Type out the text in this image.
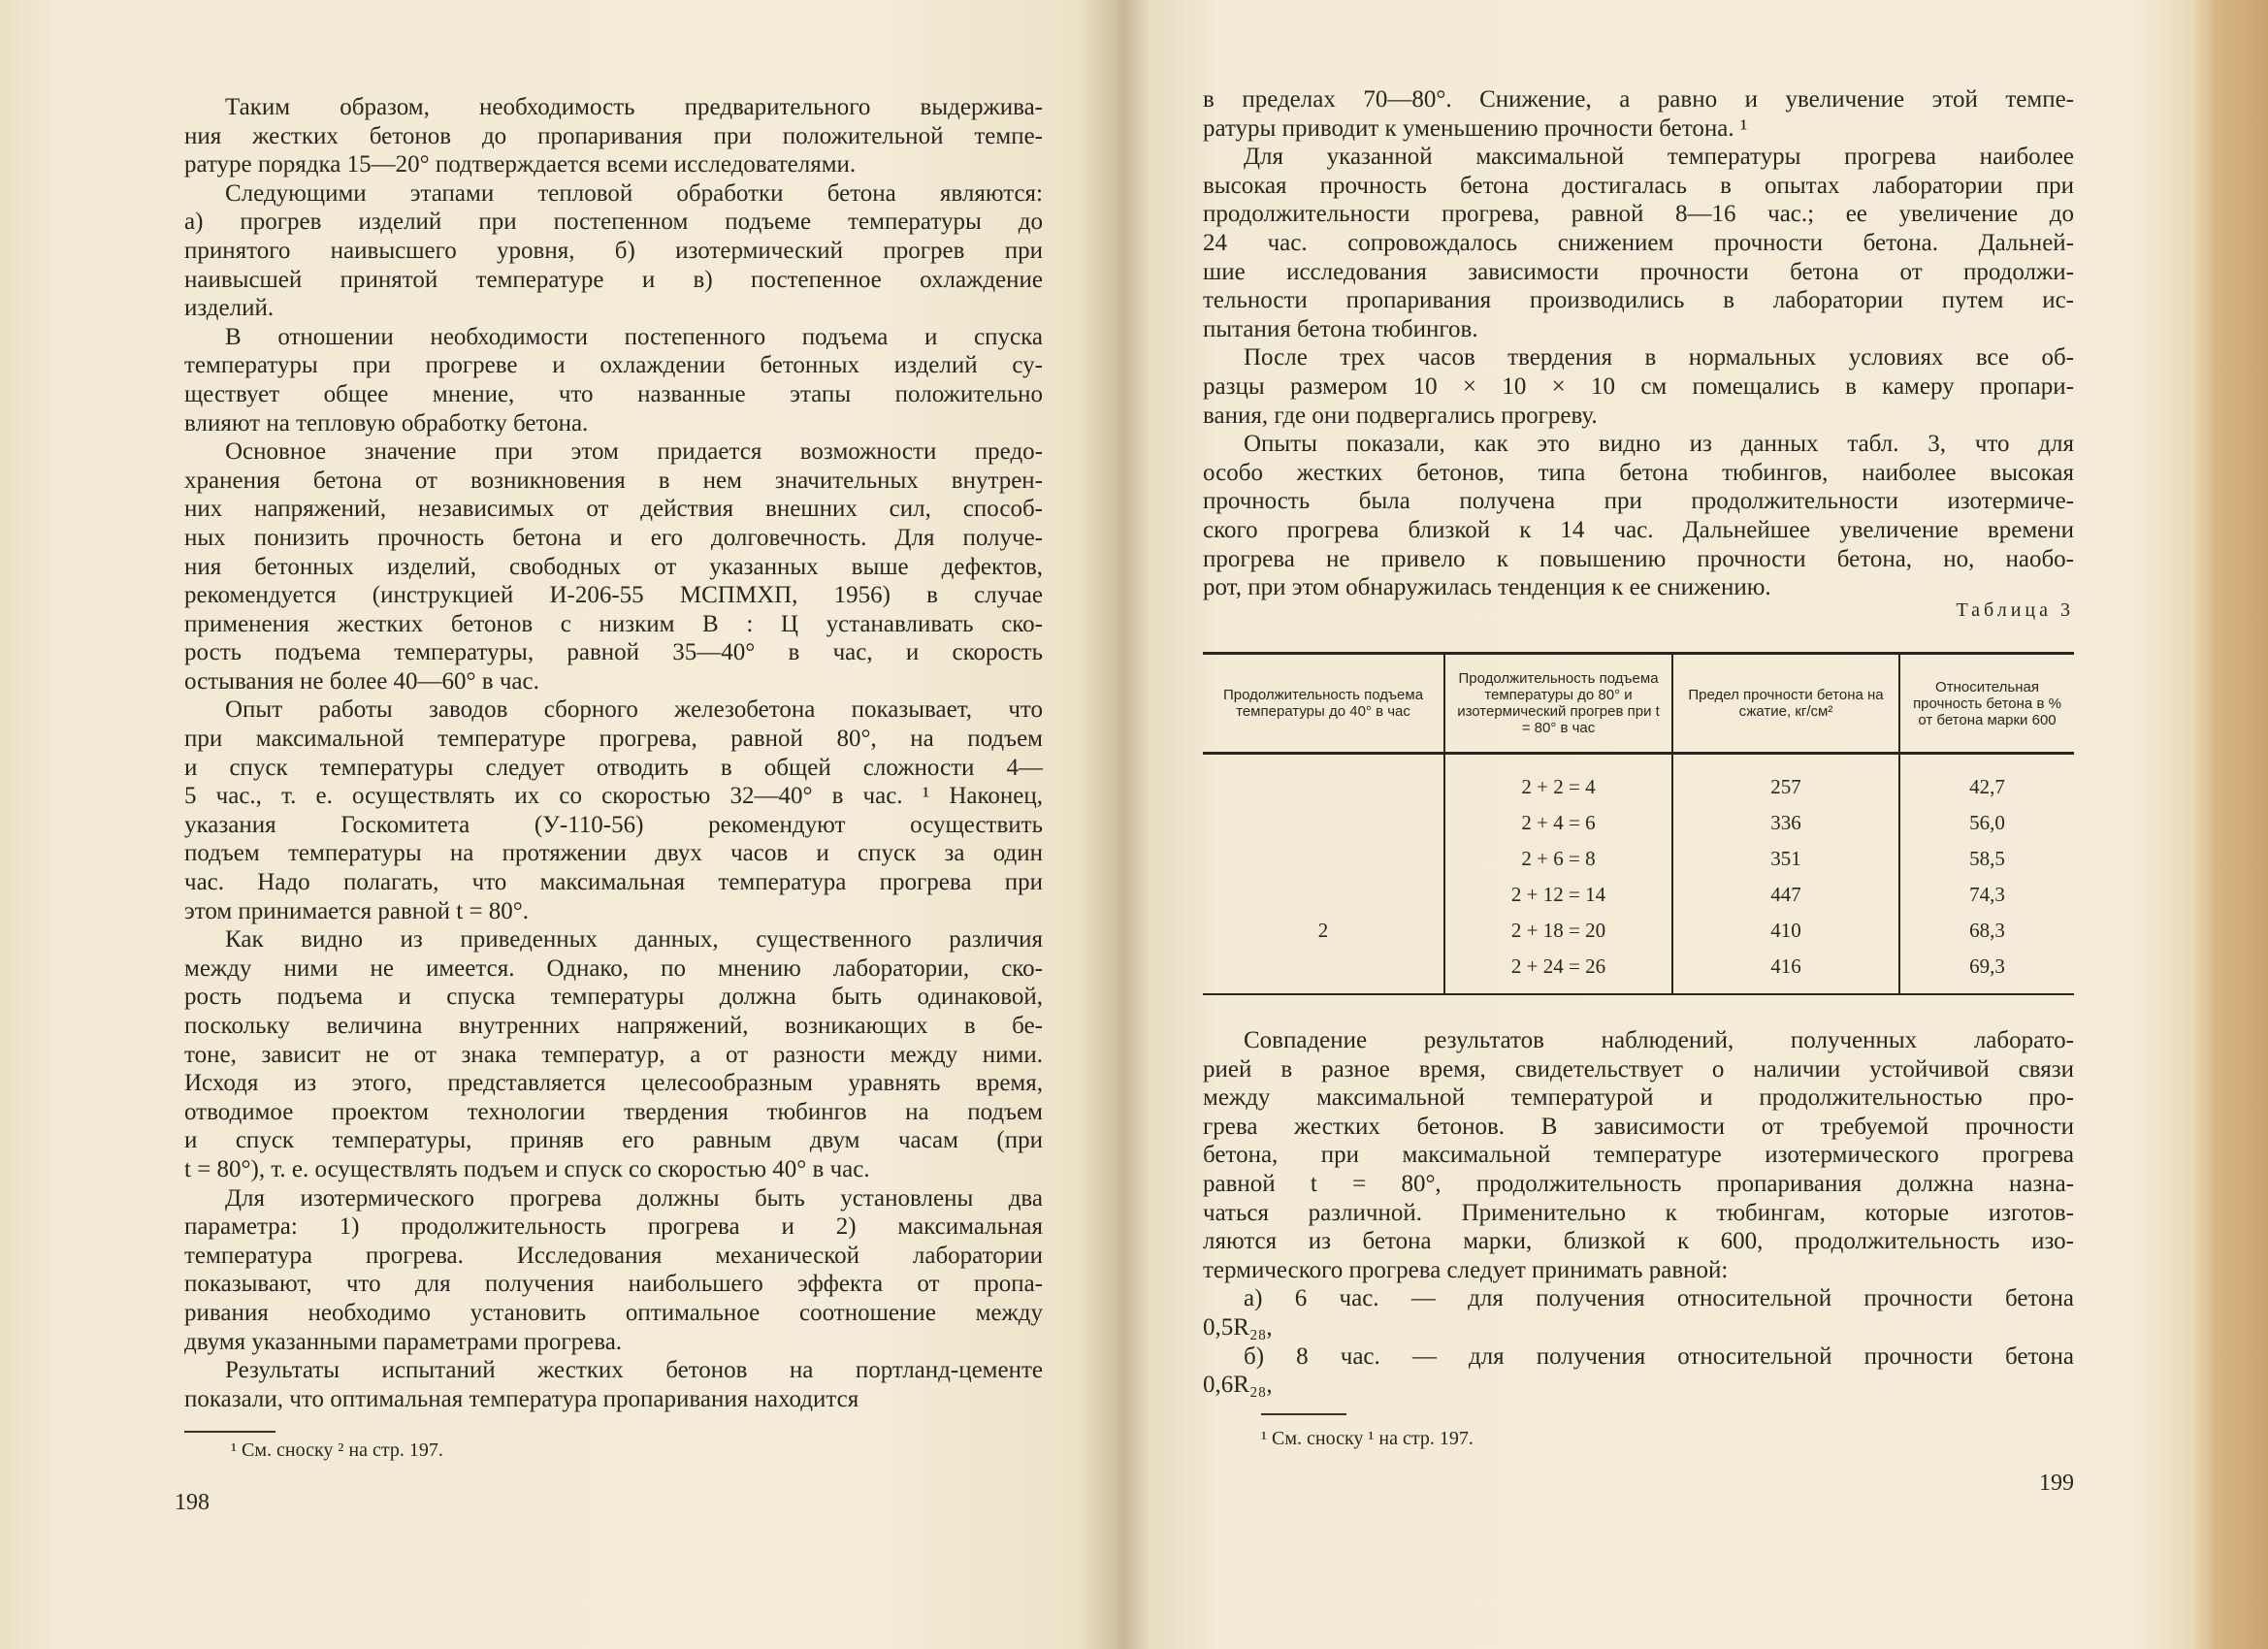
Таким образом, необходимость предварительного выдержива-
ния жестких бетонов до пропаривания при положительной темпе-
ратуре порядка 15—20° подтверждается всеми исследователями.
Следующими этапами тепловой обработки бетона являются:
а) прогрев изделий при постепенном подъеме температуры до
принятого наивысшего уровня, б) изотермический прогрев при
наивысшей принятой температуре и в) постепенное охлаждение
изделий.
В отношении необходимости постепенного подъема и спуска
температуры при прогреве и охлаждении бетонных изделий су-
ществует общее мнение, что названные этапы положительно
влияют на тепловую обработку бетона.
Основное значение при этом придается возможности предо-
хранения бетона от возникновения в нем значительных внутрен-
них напряжений, независимых от действия внешних сил, способ-
ных понизить прочность бетона и его долговечность. Для получе-
ния бетонных изделий, свободных от указанных выше дефектов,
рекомендуется (инструкцией И-206-55 МСПМХП, 1956) в случае
применения жестких бетонов с низким В : Ц устанавливать ско-
рость подъема температуры, равной 35—40° в час, и скорость
остывания не более 40—60° в час.
Опыт работы заводов сборного железобетона показывает, что
при максимальной температуре прогрева, равной 80°, на подъем
и спуск температуры следует отводить в общей сложности 4—
5 час., т. е. осуществлять их со скоростью 32—40° в час. ¹ Наконец,
указания Госкомитета (У-110-56) рекомендуют осуществить
подъем температуры на протяжении двух часов и спуск за один
час. Надо полагать, что максимальная температура прогрева при
этом принимается равной t = 80°.
Как видно из приведенных данных, существенного различия
между ними не имеется. Однако, по мнению лаборатории, ско-
рость подъема и спуска температуры должна быть одинаковой,
поскольку величина внутренних напряжений, возникающих в бе-
тоне, зависит не от знака температур, а от разности между ними.
Исходя из этого, представляется целесообразным уравнять время,
отводимое проектом технологии твердения тюбингов на подъем
и спуск температуры, приняв его равным двум часам (при
t = 80°), т. е. осуществлять подъем и спуск со скоростью 40° в час.
Для изотермического прогрева должны быть установлены два
параметра: 1) продолжительность прогрева и 2) максимальная
температура прогрева. Исследования механической лаборатории
показывают, что для получения наибольшего эффекта от пропа-
ривания необходимо установить оптимальное соотношение между
двумя указанными параметрами прогрева.
Результаты испытаний жестких бетонов на портланд-цементе
показали, что оптимальная температура пропаривания находится
¹ См. сноску ² на стр. 197.
198
в пределах 70—80°. Снижение, а равно и увеличение этой темпе-
ратуры приводит к уменьшению прочности бетона. ¹
Для указанной максимальной температуры прогрева наиболее
высокая прочность бетона достигалась в опытах лаборатории при
продолжительности прогрева, равной 8—16 час.; ее увеличение до
24 час. сопровождалось снижением прочности бетона. Дальней-
шие исследования зависимости прочности бетона от продолжи-
тельности пропаривания производились в лаборатории путем ис-
пытания бетона тюбингов.
После трех часов твердения в нормальных условиях все об-
разцы размером 10 × 10 × 10 см помещались в камеру пропари-
вания, где они подвергались прогреву.
Опыты показали, как это видно из данных табл. 3, что для
особо жестких бетонов, типа бетона тюбингов, наиболее высокая
прочность была получена при продолжительности изотермиче-
ского прогрева близкой к 14 час. Дальнейшее увеличение времени
прогрева не привело к повышению прочности бетона, но, наобо-
рот, при этом обнаружилась тенденция к ее снижению.
Таблица 3
Продолжительность подъема температуры до 40° в час	Продолжительность подъема температуры до 80° и изотермический прогрев при t = 80° в час	Предел прочности бетона на сжатие, кг/см²	Относительная прочность бетона в % от бетона марки 600
	2 + 2 = 4	257	42,7
	2 + 4 = 6	336	56,0
	2 + 6 = 8	351	58,5
	2 + 12 = 14	447	74,3
2	2 + 18 = 20	410	68,3
	2 + 24 = 26	416	69,3
Совпадение результатов наблюдений, полученных лаборато-
рией в разное время, свидетельствует о наличии устойчивой связи
между максимальной температурой и продолжительностью про-
грева жестких бетонов. В зависимости от требуемой прочности
бетона, при максимальной температуре изотермического прогрева
равной t = 80°, продолжительность пропаривания должна назна-
чаться различной. Применительно к тюбингам, которые изготов-
ляются из бетона марки, близкой к 600, продолжительность изо-
термического прогрева следует принимать равной:
а) 6 час. — для получения относительной прочности бетона
0,5R₂₈,
б) 8 час. — для получения относительной прочности бетона
0,6R₂₈,
¹ См. сноску ¹ на стр. 197.
199
